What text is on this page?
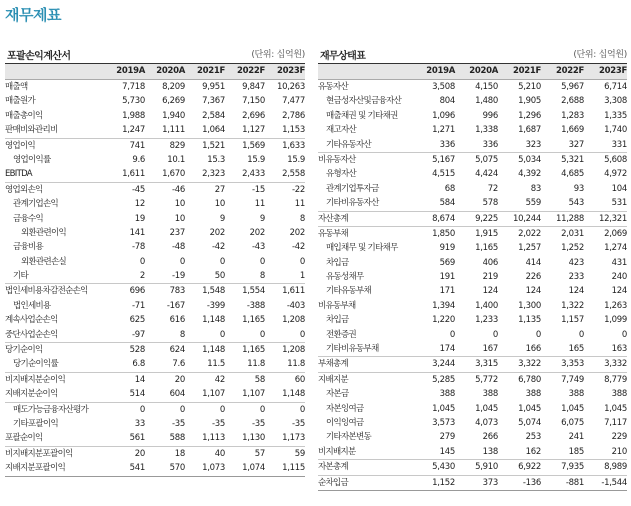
재무제표
포괄손익계산서	(단위: 십억원)
2019A	2020A	2021F	2022F	2023F
매출액	7,718	8,209	9,951	9,847	10,263
매출원가	5,730	6,269	7,367	7,150	7,477
매출총이익	1,988	1,940	2,584	2,696	2,786
판매비와관리비	1,247	1,111	1,064	1,127	1,153
영업이익	741	829	1,521	1,569	1,633
영업이익률	9.6	10.1	15.3	15.9	15.9
EBITDA	1,611	1,670	2,323	2,433	2,558
영업외손익	-45	-46	27	-15	-22
관계기업손익	12	10	10	11	11
금융수익	19	10	9	9	8
외환관련이익	141	237	202	202	202
금융비용	-78	-48	-42	-43	-42
외환관련손실	0	0	0	0	0
기타	2	-19	50	8	1
법인세비용차감전순손익	696	783	1,548	1,554	1,611
법인세비용	-71	-167	-399	-388	-403
계속사업순손익	625	616	1,148	1,165	1,208
중단사업순손익	-97	8	0	0	0
당기순이익	528	624	1,148	1,165	1,208
당기순이익률	6.8	7.6	11.5	11.8	11.8
비지배지분순이익	14	20	42	58	60
지배지분순이익	514	604	1,107	1,107	1,148
매도가능금융자산평가	0	0	0	0	0
기타포괄이익	33	-35	-35	-35	-35
포괄순이익	561	588	1,113	1,130	1,173
비지배지분포괄이익	20	18	40	57	59
지배지분포괄이익	541	570	1,073	1,074	1,115
재무상태표	(단위: 십억원)
2019A	2020A	2021F	2022F	2023F
유동자산	3,508	4,150	5,210	5,967	6,714
현금성자산및금융자산	804	1,480	1,905	2,688	3,308
매출채권 및 기타채권	1,096	996	1,296	1,283	1,335
재고자산	1,271	1,338	1,687	1,669	1,740
기타유동자산	336	336	323	327	331
비유동자산	5,167	5,075	5,034	5,321	5,608
유형자산	4,515	4,424	4,392	4,685	4,972
관계기업투자금	68	72	83	93	104
기타비유동자산	584	578	559	543	531
자산총계	8,674	9,225	10,244	11,288	12,321
유동부채	1,850	1,915	2,022	2,031	2,069
매입채무 및 기타채무	919	1,165	1,257	1,252	1,274
차입금	569	406	414	423	431
유동성채무	191	219	226	233	240
기타유동부채	171	124	124	124	124
비유동부채	1,394	1,400	1,300	1,322	1,263
차입금	1,220	1,233	1,135	1,157	1,099
전환증권	0	0	0	0	0
기타비유동부채	174	167	166	165	163
부채총계	3,244	3,315	3,322	3,353	3,332
지배지분	5,285	5,772	6,780	7,749	8,779
자본금	388	388	388	388	388
자본잉여금	1,045	1,045	1,045	1,045	1,045
이익잉여금	3,573	4,073	5,074	6,075	7,117
기타자본변동	279	266	253	241	229
비지배지분	145	138	162	185	210
자본총계	5,430	5,910	6,922	7,935	8,989
순차입금	1,152	373	-136	-881	-1,544
